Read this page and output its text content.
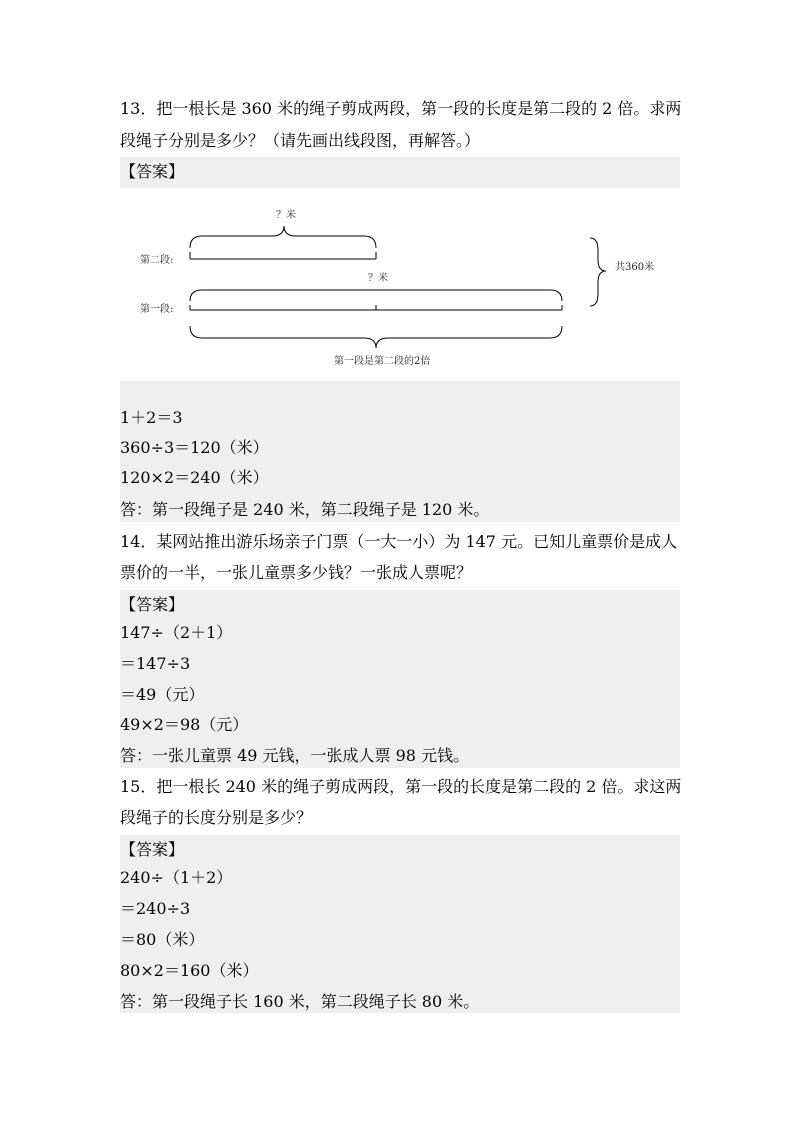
13．把一根长是 360 米的绳子剪成两段，第一段的长度是第二段的 2 倍。求两
段绳子分别是多少？（请先画出线段图，再解答。）
【答案】
？米
？米
第二段:
第一段:
共360米
第一段是第二段的2倍
1＋2＝3
360÷3＝120（米）
120×2＝240（米）
答：第一段绳子是 240 米，第二段绳子是 120 米。
14．某网站推出游乐场亲子门票（一大一小）为 147 元。已知儿童票价是成人
票价的一半，一张儿童票多少钱？一张成人票呢？
【答案】
147÷（2＋1）
＝147÷3
＝49（元）
49×2＝98（元）
答：一张儿童票 49 元钱，一张成人票 98 元钱。
15．把一根长 240 米的绳子剪成两段，第一段的长度是第二段的 2 倍。求这两
段绳子的长度分别是多少？
【答案】
240÷（1＋2）
＝240÷3
＝80（米）
80×2＝160（米）
答：第一段绳子长 160 米，第二段绳子长 80 米。
